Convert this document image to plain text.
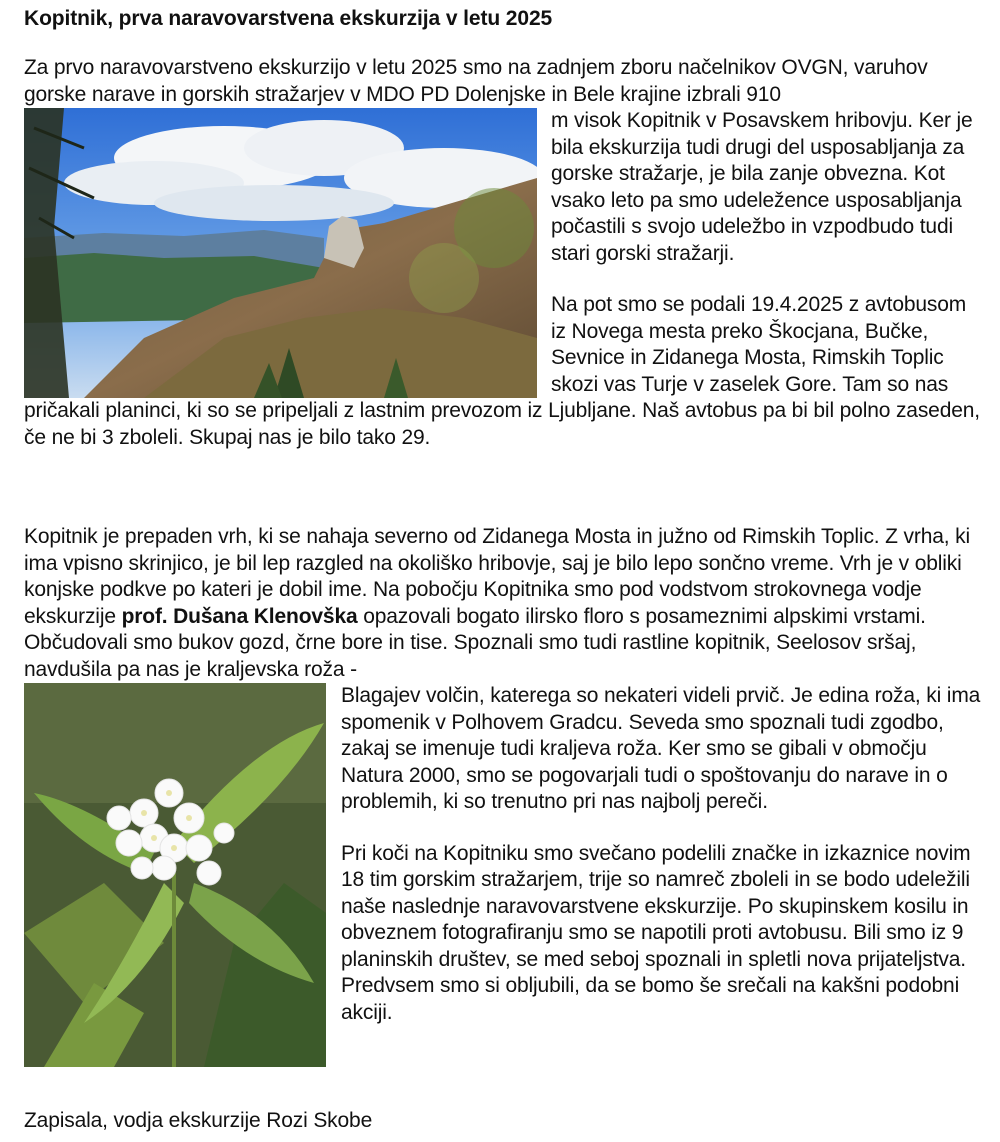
Kopitnik, prva naravovarstvena ekskurzija v letu 2025

Za prvo naravovarstveno ekskurzijo v letu 2025 smo na zadnjem zboru načelnikov OVGN, varuhov gorske narave in gorskih stražarjev v MDO PD Dolenjske in Bele krajine izbrali 910

m visok Kopitnik v Posavskem hribovju. Ker je bila ekskurzija tudi drugi del usposabljanja za gorske stražarje, je bila zanje obvezna. Kot vsako leto pa smo udeležence usposabljanja počastili s svojo udeležbo in vzpodbudo tudi stari gorski stražarji.

Na pot smo se podali 19.4.2025 z avtobusom iz Novega mesta preko Škocjana, Bučke, Sevnice in Zidanega Mosta, Rimskih Toplic skozi vas Turje v zaselek Gore. Tam so nas pričakali planinci, ki so se pripeljali z lastnim prevozom iz Ljubljane. Naš avtobus pa bi bil polno zaseden, če ne bi 3 zboleli. Skupaj nas je bilo tako 29.

Kopitnik je prepaden vrh, ki se nahaja severno od Zidanega Mosta in južno od Rimskih Toplic. Z vrha, ki ima vpisno skrinjico, je bil lep razgled na okoliško hribovje, saj je bilo lepo sončno vreme. Vrh je v obliki konjske podkve po kateri je dobil ime. Na pobočju Kopitnika smo pod vodstvom strokovnega vodje ekskurzije prof. Dušana Klenovška opazovali bogato ilirsko floro s posameznimi alpskimi vrstami. Občudovali smo bukov gozd, črne bore in tise. Spoznali smo tudi rastline kopitnik, Seelosov sršaj, navdušila pa nas je kraljevska roža -
Blagajev volčin, katerega so nekateri videli prvič. Je edina roža, ki ima spomenik v Polhovem Gradcu. Seveda smo spoznali tudi zgodbo, zakaj se imenuje tudi kraljeva roža. Ker smo se gibali v območju Natura 2000, smo se pogovarjali tudi o spoštovanju do narave in o problemih, ki so trenutno pri nas najbolj pereči.

Pri koči na Kopitniku smo svečano podelili značke in izkaznice novim 18 tim gorskim stražarjem, trije so namreč zboleli in se bodo udeležili naše naslednje naravovarstvene ekskurzije. Po skupinskem kosilu in obveznem fotografiranju smo se napotili proti avtobusu. Bili smo iz 9 planinskih društev, se med seboj spoznali in spletli nova prijateljstva. Predvsem smo si obljubili, da se bomo še srečali na kakšni podobni akciji.

Zapisala, vodja ekskurzije Rozi Skobe
